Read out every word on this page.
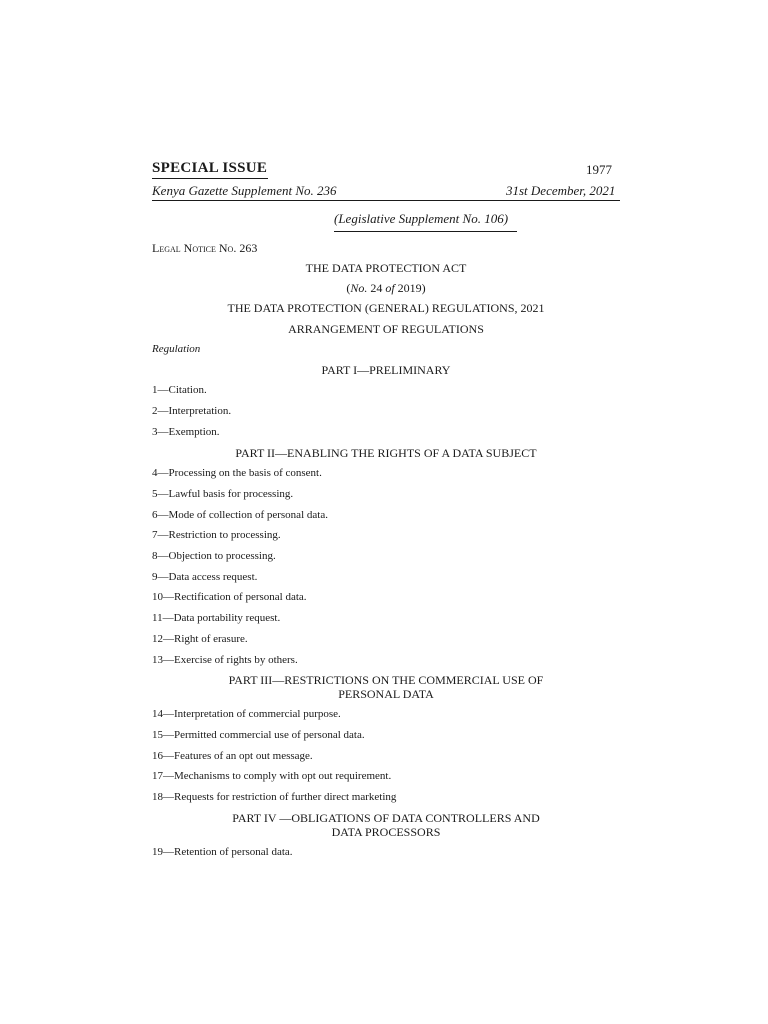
SPECIAL ISSUE	1977
Kenya Gazette Supplement No. 236	31st December, 2021
(Legislative Supplement No. 106)
Legal Notice No. 263
THE DATA PROTECTION ACT
(No. 24 of 2019)
THE DATA PROTECTION (GENERAL) REGULATIONS, 2021
ARRANGEMENT OF REGULATIONS
Regulation
PART I—PRELIMINARY
1—Citation.
2—Interpretation.
3—Exemption.
PART II—ENABLING THE RIGHTS OF A DATA SUBJECT
4—Processing on the basis of consent.
5—Lawful basis for processing.
6—Mode of collection of personal data.
7—Restriction to processing.
8—Objection to processing.
9—Data access request.
10—Rectification of personal data.
11—Data portability request.
12—Right of erasure.
13—Exercise of rights by others.
PART III—RESTRICTIONS ON THE COMMERCIAL USE OF
PERSONAL DATA
14—Interpretation of commercial purpose.
15—Permitted commercial use of personal data.
16—Features of an opt out message.
17—Mechanisms to comply with opt out requirement.
18—Requests for restriction of further direct marketing
PART IV —OBLIGATIONS OF DATA CONTROLLERS AND
DATA PROCESSORS
19—Retention of personal data.
